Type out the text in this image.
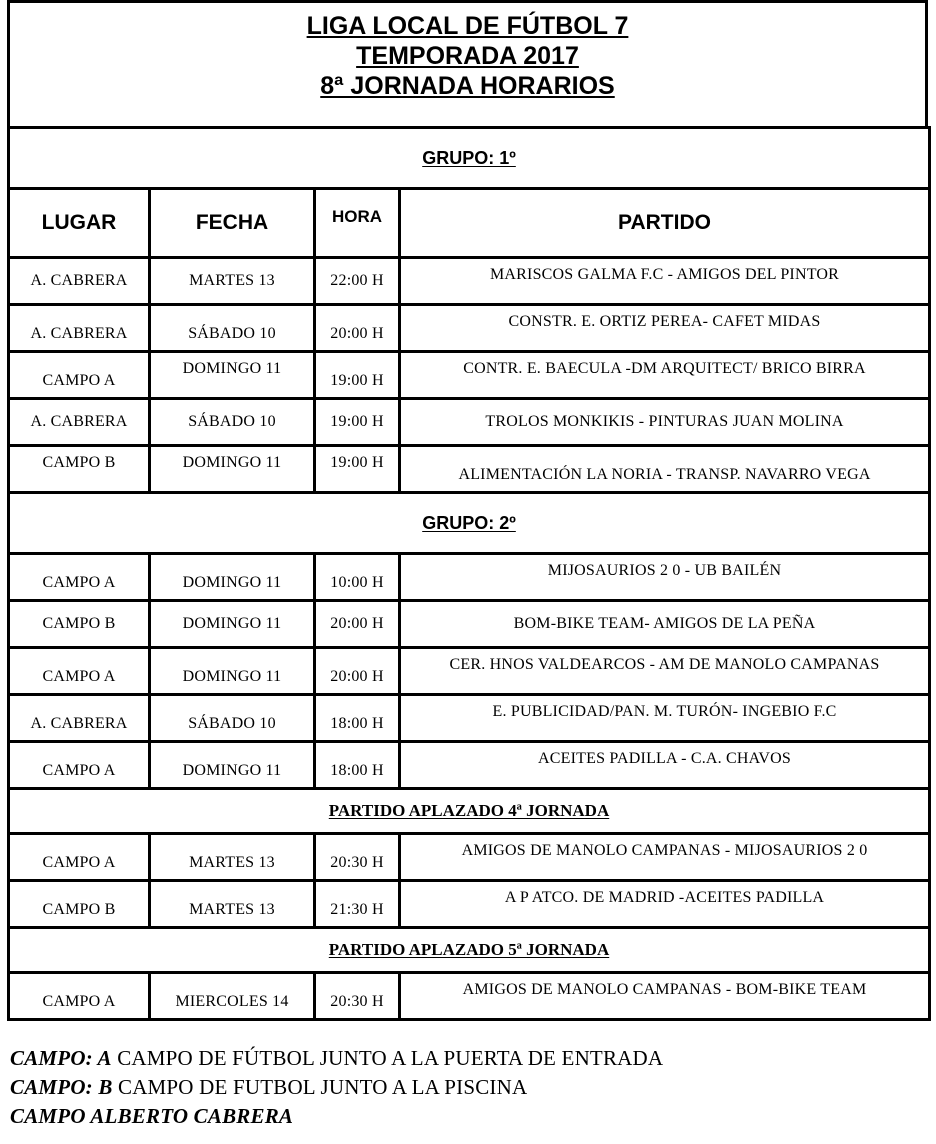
LIGA LOCAL DE FÚTBOL 7
TEMPORADA 2017
8ª JORNADA HORARIOS
GRUPO: 1º			
LUGAR	FECHA	HORA	PARTIDO
A. CABRERA	MARTES 13	22:00 H	MARISCOS GALMA F.C - AMIGOS DEL PINTOR
A. CABRERA	SÁBADO 10	20:00 H	CONSTR. E. ORTIZ PEREA- CAFET MIDAS
CAMPO A	DOMINGO 11	19:00 H	CONTR. E. BAECULA -DM ARQUITECT/ BRICO BIRRA
A. CABRERA	SÁBADO 10	19:00 H	TROLOS MONKIKIS - PINTURAS JUAN MOLINA
CAMPO B	DOMINGO 11	19:00 H	ALIMENTACIÓN LA NORIA - TRANSP. NAVARRO VEGA
GRUPO: 2º			
CAMPO A	DOMINGO 11	10:00 H	MIJOSAURIOS 2 0 - UB BAILÉN
CAMPO B	DOMINGO 11	20:00 H	BOM-BIKE TEAM- AMIGOS DE LA PEÑA
CAMPO A	DOMINGO 11	20:00 H	CER. HNOS VALDEARCOS - AM DE MANOLO CAMPANAS
A. CABRERA	SÁBADO 10	18:00 H	E. PUBLICIDAD/PAN. M. TURÓN- INGEBIO F.C
CAMPO A	DOMINGO 11	18:00 H	ACEITES PADILLA - C.A. CHAVOS
PARTIDO APLAZADO 4ª JORNADA			
CAMPO A	MARTES 13	20:30 H	AMIGOS DE MANOLO CAMPANAS - MIJOSAURIOS 2 0
CAMPO B	MARTES 13	21:30 H	A P ATCO. DE MADRID -ACEITES PADILLA
PARTIDO APLAZADO 5ª JORNADA			
CAMPO A	MIERCOLES 14	20:30 H	AMIGOS DE MANOLO CAMPANAS - BOM-BIKE TEAM
CAMPO: A CAMPO DE FÚTBOL JUNTO A LA PUERTA DE ENTRADA
CAMPO: B CAMPO DE FUTBOL JUNTO A LA PISCINA
CAMPO ALBERTO CABRERA
